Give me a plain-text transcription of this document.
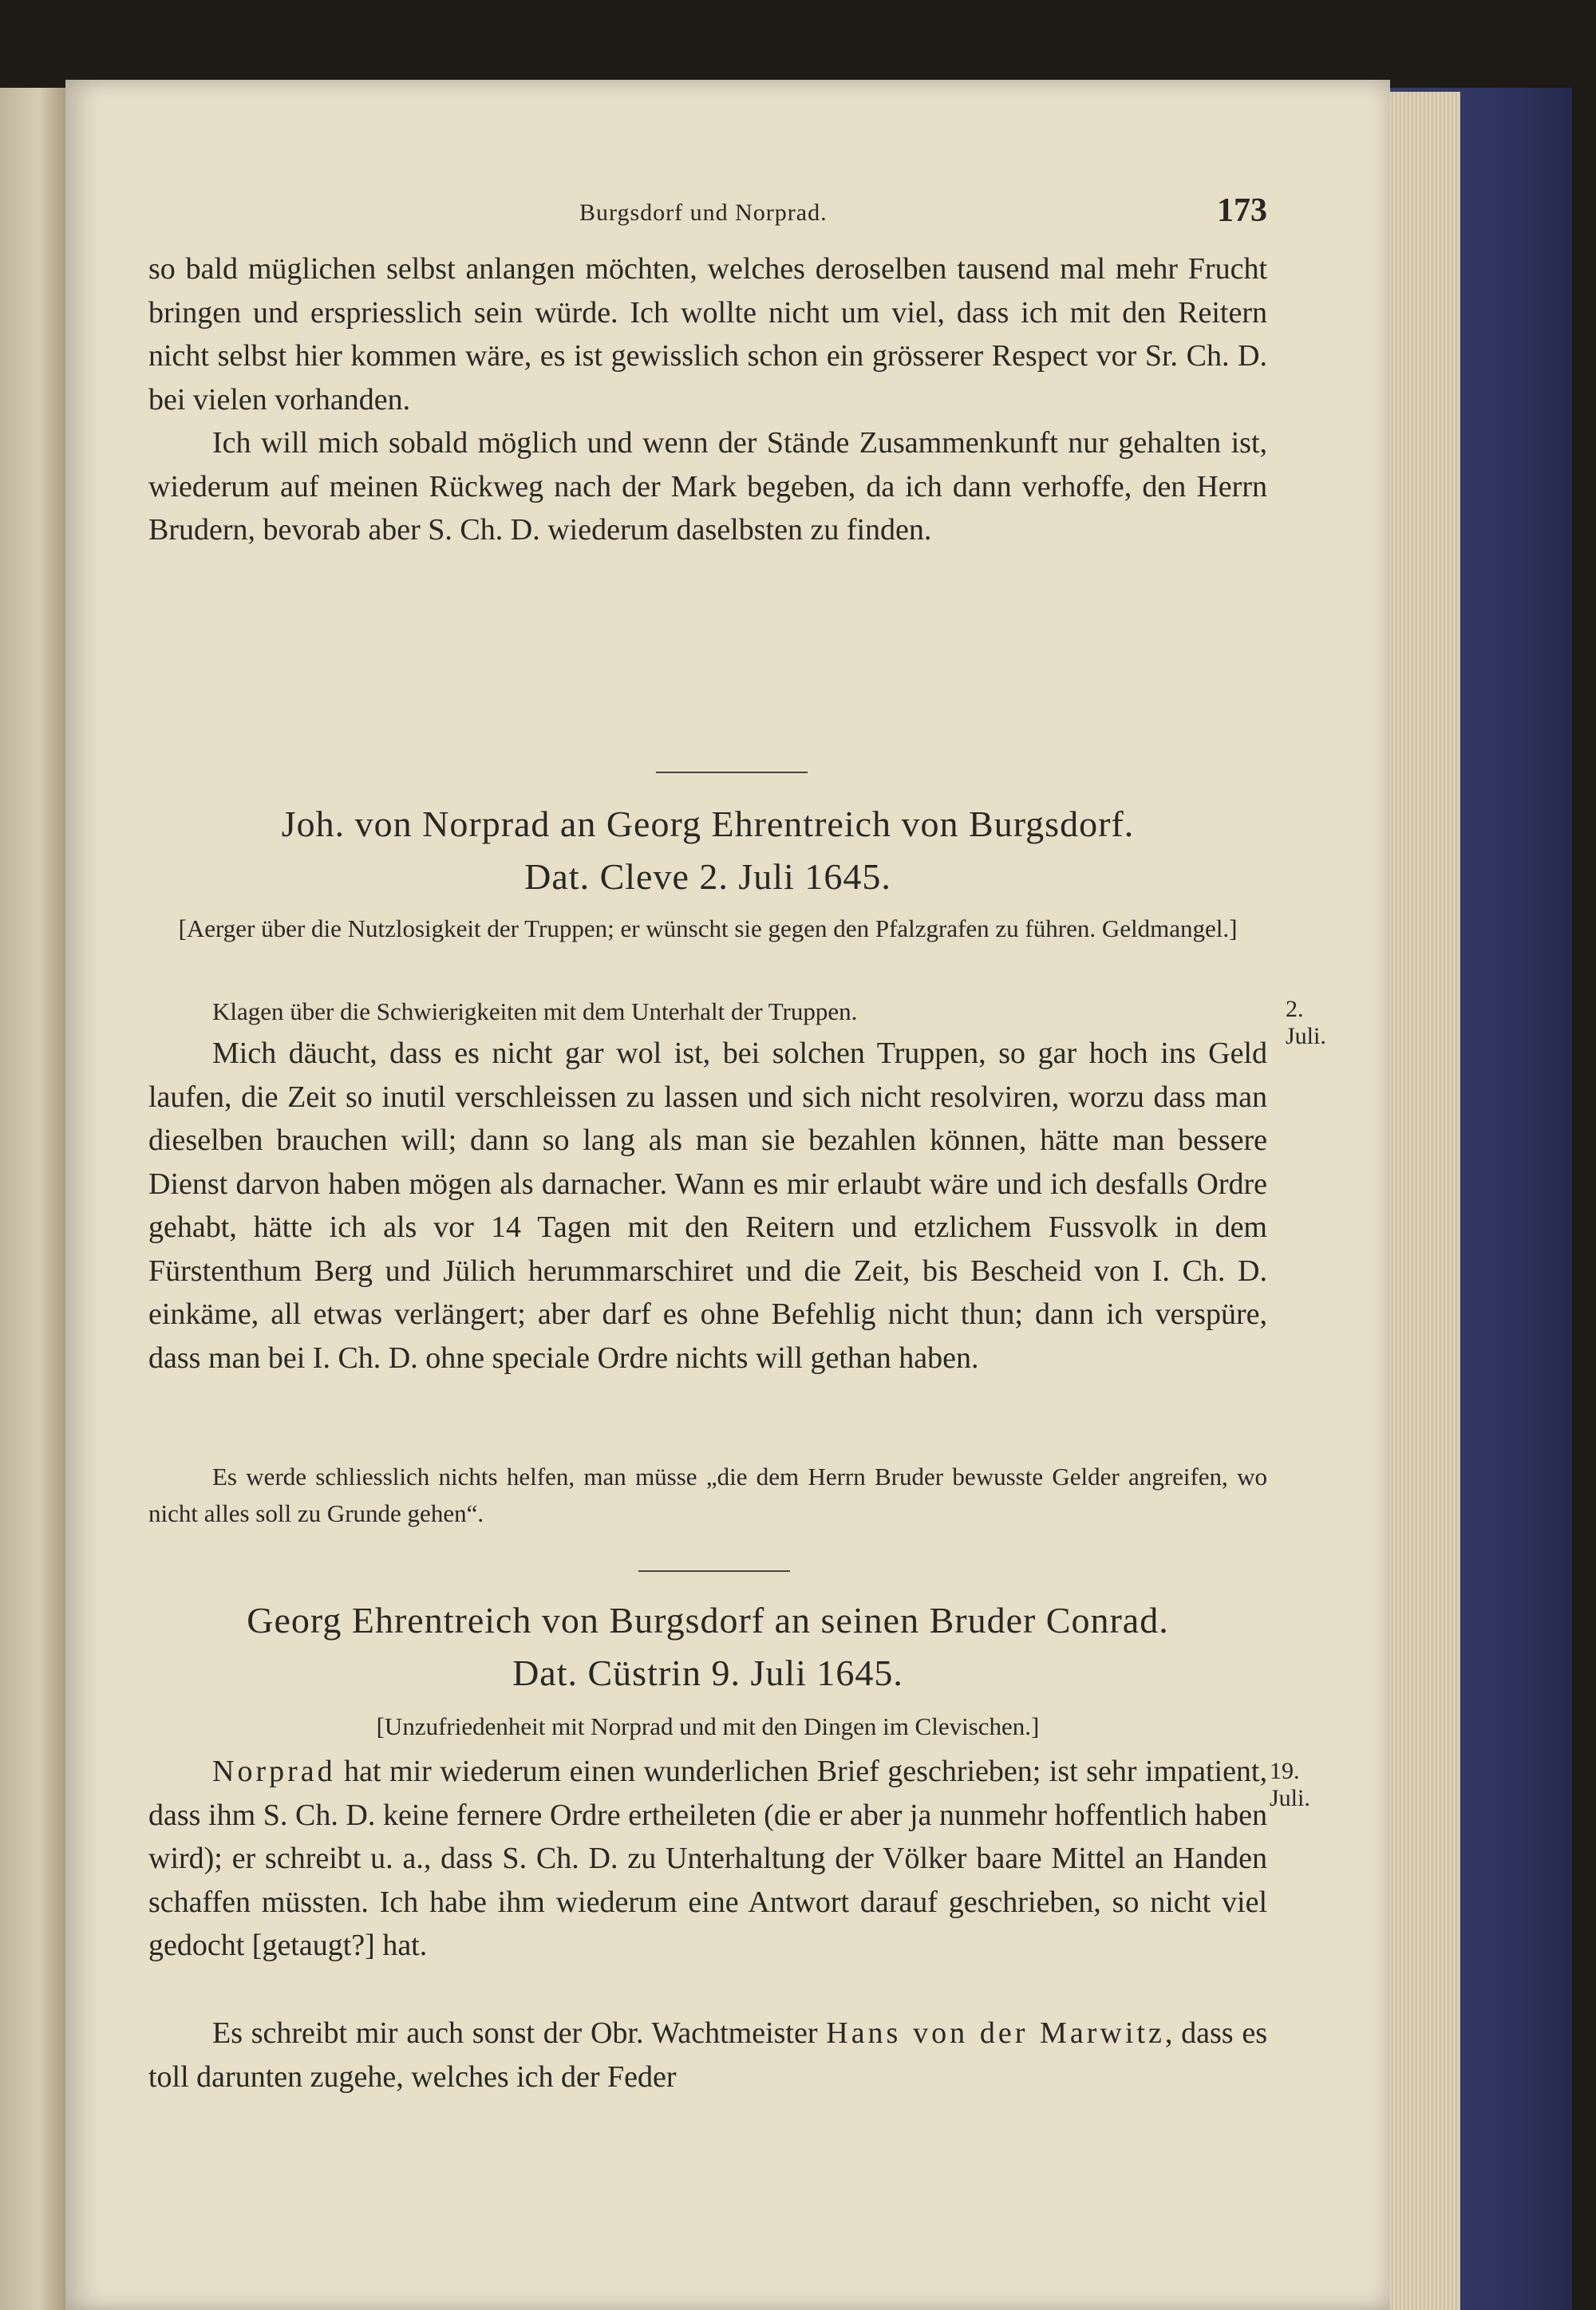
Burgsdorf und Norprad.	173

so bald müglichen selbst anlangen möchten, welches deroselben tausend mal mehr Frucht bringen und erspriesslich sein würde. Ich wollte nicht um viel, dass ich mit den Reitern nicht selbst hier kommen wäre, es ist gewisslich schon ein grösserer Respect vor Sr. Ch. D. bei vielen vorhanden.

Ich will mich sobald möglich und wenn der Stände Zusammenkunft nur gehalten ist, wiederum auf meinen Rückweg nach der Mark begeben, da ich dann verhoffe, den Herrn Brudern, bevorab aber S. Ch. D. wiederum daselbsten zu finden.

Joh. von Norprad an Georg Ehrentreich von Burgsdorf.

Dat. Cleve 2. Juli 1645.

[Aerger über die Nutzlosigkeit der Truppen; er wünscht sie gegen den Pfalzgrafen zu führen. Geldmangel.]

Klagen über die Schwierigkeiten mit dem Unterhalt der Truppen.	2. Juli.

Mich däucht, dass es nicht gar wol ist, bei solchen Truppen, so gar hoch ins Geld laufen, die Zeit so inutil verschleissen zu lassen und sich nicht resolviren, worzu dass man dieselben brauchen will; dann so lang als man sie bezahlen können, hätte man bessere Dienst darvon haben mögen als darnacher. Wann es mir erlaubt wäre und ich desfalls Ordre gehabt, hätte ich als vor 14 Tagen mit den Reitern und etzlichem Fussvolk in dem Fürstenthum Berg und Jülich herummarschiret und die Zeit, bis Bescheid von I. Ch. D. einkäme, all etwas verlängert; aber darf es ohne Befehlig nicht thun; dann ich verspüre, dass man bei I. Ch. D. ohne speciale Ordre nichts will gethan haben.

Es werde schliesslich nichts helfen, man müsse „die dem Herrn Bruder bewusste Gelder angreifen, wo nicht alles soll zu Grunde gehen“.

Georg Ehrentreich von Burgsdorf an seinen Bruder Conrad.

Dat. Cüstrin 9. Juli 1645.

[Unzufriedenheit mit Norprad und mit den Dingen im Clevischen.]

19. Juli.

Norprad hat mir wiederum einen wunderlichen Brief geschrieben; ist sehr impatient, dass ihm S. Ch. D. keine fernere Ordre ertheileten (die er aber ja nunmehr hoffentlich haben wird); er schreibt u. a., dass S. Ch. D. zu Unterhaltung der Völker baare Mittel an Handen schaffen müssten. Ich habe ihm wiederum eine Antwort darauf geschrieben, so nicht viel gedocht [getaugt?] hat.

Es schreibt mir auch sonst der Obr. Wachtmeister Hans von der Marwitz, dass es toll darunten zugehe, welches ich der Feder
